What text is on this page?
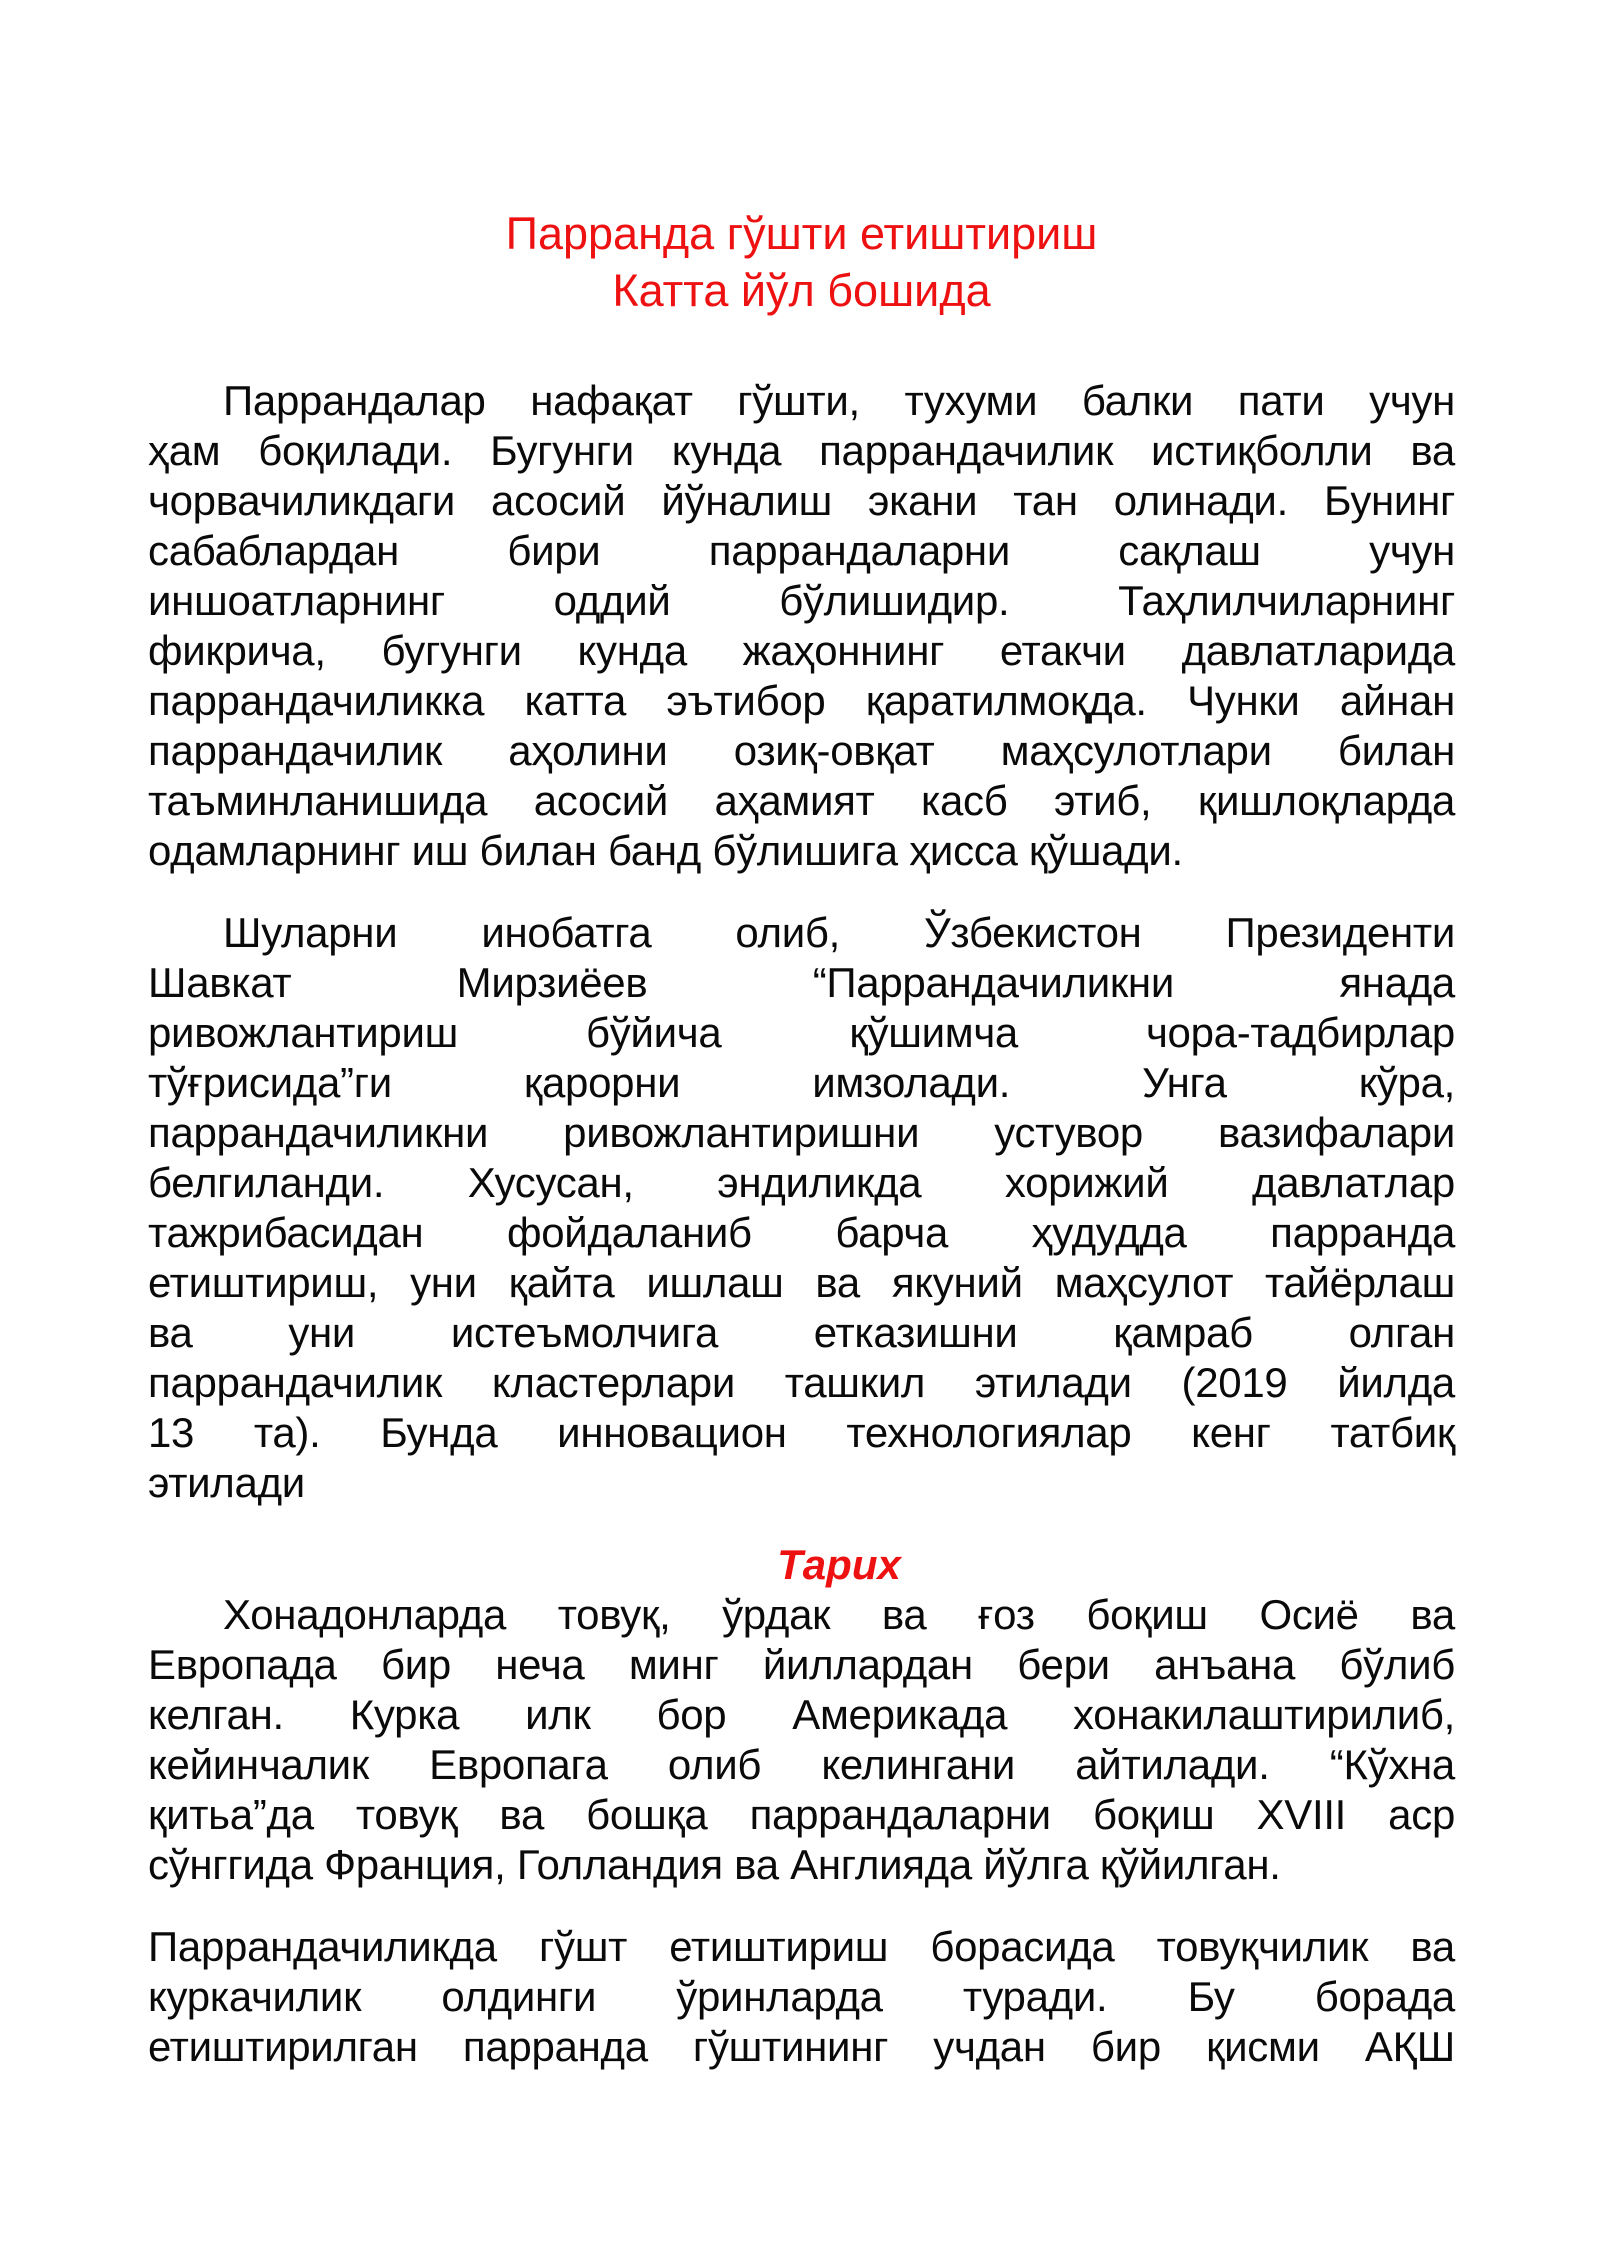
Парранда гўшти етиштириш
Катта йўл бошида
Паррандалар нафақат гўшти, тухуми балки пати учун
ҳам боқилади. Бугунги кунда паррандачилик истиқболли ва
чорвачиликдаги асосий йўналиш экани тан олинади. Бунинг
сабаблардан бири паррандаларни сақлаш учун
иншоатларнинг оддий бўлишидир. Таҳлилчиларнинг
фикрича, бугунги кунда жаҳоннинг етакчи давлатларида
паррандачиликка катта эътибор қаратилмоқда. Чунки айнан
паррандачилик аҳолини озиқ-овқат маҳсулотлари билан
таъминланишида асосий аҳамият касб этиб, қишлоқларда
одамларнинг иш билан банд бўлишига ҳисса қўшади.
Шуларни инобатга олиб, Ўзбекистон Президенти
Шавкат Мирзиёев “Паррандачиликни янада
ривожлантириш бўйича қўшимча чора-тадбирлар
тўғрисида”ги қарорни имзолади. Унга кўра,
паррандачиликни ривожлантиришни устувор вазифалари
белгиланди. Хусусан, эндиликда хорижий давлатлар
тажрибасидан фойдаланиб барча ҳудудда парранда
етиштириш, уни қайта ишлаш ва якуний маҳсулот тайёрлаш
ва уни истеъмолчига етказишни қамраб олган
паррандачилик кластерлари ташкил этилади (2019 йилда
13 та). Бунда инновацион технологиялар кенг татбиқ
этилади
Тарих
Хонадонларда товуқ, ўрдак ва ғоз боқиш Осиё ва
Европада бир неча минг йиллардан бери анъана бўлиб
келган. Курка илк бор Америкада хонакилаштирилиб,
кейинчалик Европага олиб келингани айтилади. “Кўхна
қитьа”да товуқ ва бошқа паррандаларни боқиш XVIII аср
сўнггида Франция, Голландия ва Англияда йўлга қўйилган.
Паррандачиликда гўшт етиштириш борасида товуқчилик ва
куркачилик олдинги ўринларда туради. Бу борада
етиштирилган парранда гўштининг учдан бир қисми АҚШ
